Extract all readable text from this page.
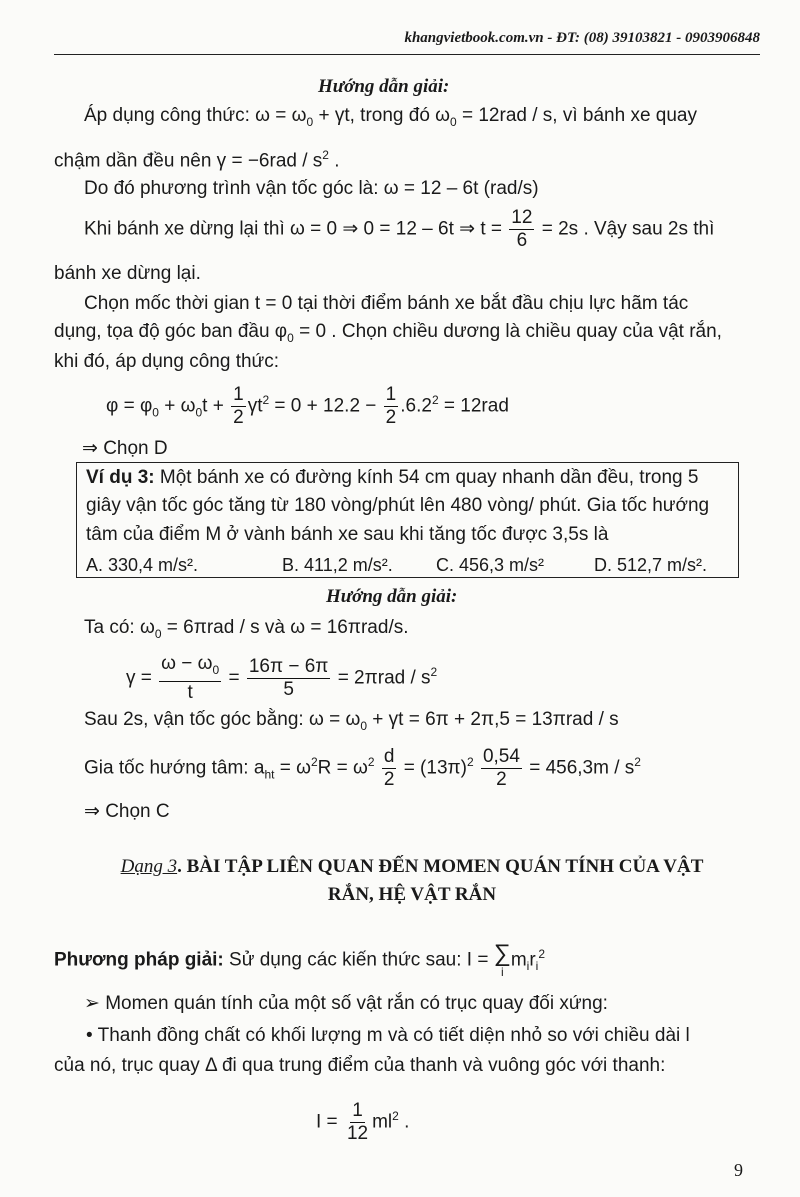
khangvietbook.com.vn - ĐT: (08) 39103821 - 0903906848
Hướng dẫn giải:
Áp dụng công thức: $\omega = \omega_0 + \gamma t$, trong đó $\omega_0 = 12rad / s$, vì bánh xe quay
chậm dần đều nên $\gamma = -6rad / s^2$ .
Do đó phương trình vận tốc góc là: ω = 12 – 6t (rad/s)
Khi bánh xe dừng lại thì ω = 0 ⇒ 0 = 12 – 6t ⇒ $t = \frac{12}{6} = 2s$ . Vậy sau 2s thì
bánh xe dừng lại.
Chọn mốc thời gian t = 0 tại thời điểm bánh xe bắt đầu chịu lực hãm tác
dụng, tọa độ góc ban đầu $\varphi_0 = 0$ . Chọn chiều dương là chiều quay của vật rắn,
khi đó, áp dụng công thức:
$\varphi = \varphi_0 + \omega_0t + \frac{1}{2} \gamma t^2 = 0 + 12.2 - \frac{1}{2} .6.2^2 = 12rad$
⇒ Chọn D
Ví dụ 3: Một bánh xe có đường kính 54 cm quay nhanh dần đều, trong 5
giây vận tốc góc tăng từ 180 vòng/phút lên 480 vòng/ phút. Gia tốc hướng
tâm của điểm M ở vành bánh xe sau khi tăng tốc được 3,5s là
A. 330,4 m/s².	B. 411,2 m/s². C. 456,3 m/s²	D. 512,7 m/s².
Hướng dẫn giải:
Ta có: $\omega_0 = 6\pi rad / s$ và ω = 16πrad/s.
$\gamma = \frac{\omega - \omega_0}{t} = \frac{16\pi - 6\pi}{5} = 2\pi rad / s^2$
Sau 2s, vận tốc góc bằng: $\omega = \omega_0 + \gamma t = 6\pi + 2\pi,5 = 13\pi rad / s$
Gia tốc hướng tâm: $a_{ht} = \omega^2R = \omega^2 \frac{d}{2} = (13\pi)^2 \frac{0,54}{2} = 456,3m / s^2$
⇒ Chọn C
Dạng 3. BÀI TẬP LIÊN QUAN ĐẾN MOMEN QUÁN TÍNH CỦA VẬT
RẮN, HỆ VẬT RẮN
Phương pháp giải: Sử dụng các kiến thức sau: I = ∑
i
$m_ir_i^2$
➢ Momen quán tính của một số vật rắn có trục quay đối xứng:
• Thanh đồng chất có khối lượng m và có tiết diện nhỏ so với chiều dài l
của nó, trục quay Δ đi qua trung điểm của thanh và vuông góc với thanh:
$I = \frac{1}{12} ml^2$ .
9
